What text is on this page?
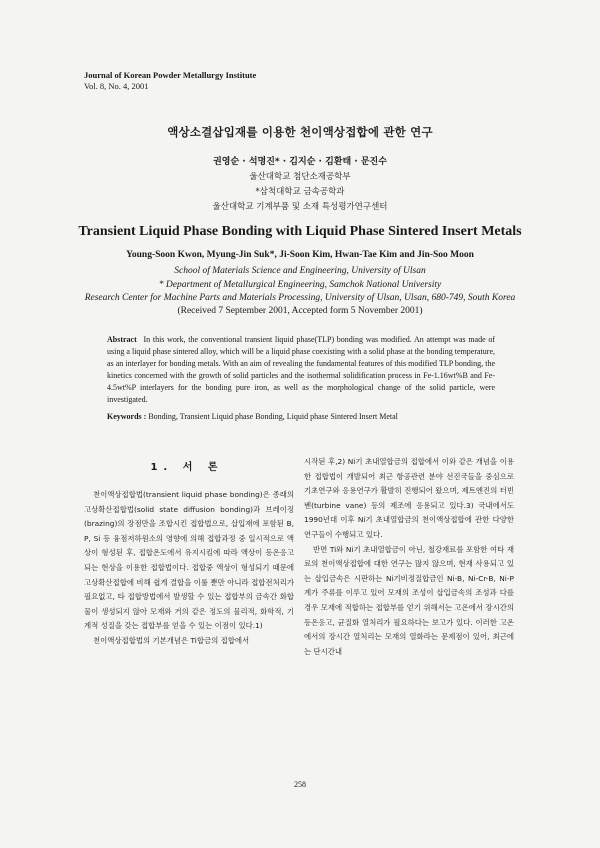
Journal of Korean Powder Metallurgy Institute
Vol. 8, No. 4, 2001
액상소결삽입재를 이용한 천이액상접합에 관한 연구
권영순 · 석명진* · 김지순 · 김환태 · 문진수
울산대학교 첨단소재공학부
*삼척대학교 금속공학과
울산대학교 기계부품 및 소재 특성평가연구센터
Transient Liquid Phase Bonding with Liquid Phase Sintered Insert Metals
Young-Soon Kwon, Myung-Jin Suk*, Ji-Soon Kim, Hwan-Tae Kim and Jin-Soo Moon
School of Materials Science and Engineering, University of Ulsan
* Department of Metallurgical Engineering, Samchok National University
Research Center for Machine Parts and Materials Processing, University of Ulsan, Ulsan, 680-749, South Korea
(Received 7 September 2001, Accepted form 5 November 2001)
Abstract In this work, the conventional transient liquid phase(TLP) bonding was modified. An attempt was made of using a liquid phase sintered alloy, which will be a liquid phase coexisting with a solid phase at the bonding temperature, as an interlayer for bonding metals. With an aim of revealing the fundamental features of this modified TLP bonding, the kinetics concerned with the growth of solid particles and the isothermal solidification process in Fe-1.16wt%B and Fe-4.5wt%P interlayers for the bonding pure iron, as well as the morphological change of the solid particle, were investigated.
Keywords : Bonding, Transient Liquid phase Bonding, Liquid phase Sintered Insert Metal
1. 서 론

천이액상접합법(transient liquid phase bonding)은 종래의 고상확산접합법(solid state diffusion bonding)과 브레이징(brazing)의 장점만을 조합시킨 접합법으로, 삽입재에 포함된 B, P, Si 등 융점저하원소의 영향에 의해 접합과정 중 일시적으로 액상이 형성된 후, 접합온도에서 유지시킴에 따라 액상이 등온응고되는 현상을 이용한 접합법이다. 접합중 액상이 형성되기 때문에 고상확산접합에 비해 쉽게 결합을 이룰 뿐만 아니라 접합전처리가 필요없고, 타 접합방법에서 발생할 수 있는 접합부의 금속간 화합물이 생성되지 않아 모재와 거의 같은 정도의 물리적, 화학적, 기계적 성질을 갖는 접합부를 얻을 수 있는 이점이 있다.1)

천이액상접합법의 기본개념은 Ti합금의 접합에서

시작된 후,2) Ni기 초내열합금의 접합에서 이와 같은 개념을 이용한 접합법이 개발되어 최근 항공관련 분야 선진국들을 중심으로 기초연구와 응용연구가 활발히 진행되어 왔으며, 제트엔진의 터빈벤(turbine vane) 등의 제조에 응용되고 있다.3) 국내에서도 1990년대 이후 Ni기 초내열합금의 천이액상접합에 관한 다양한 연구들이 수행되고 있다.

반면 Ti와 Ni기 초내열합금이 아닌, 철강재료를 포함한 여타 재료의 천이액상접합에 대한 연구는 많지 않으며, 현재 사용되고 있는 삽입금속은 시판하는 Ni기비정질합금인 Ni-B, Ni-Cr-B, Ni-P계가 주류를 이루고 있어 모재의 조성이 삽입금속의 조성과 다를 경우 모재에 적합하는 접합부를 얻기 위해서는 고온에서 장시간의 등온응고, 균질화 열처리가 필요하다는 보고가 있다. 이러한 고온에서의 장시간 열처리는 모재의 열화라는 문제점이 있어, 최근에는 단시간내

258
